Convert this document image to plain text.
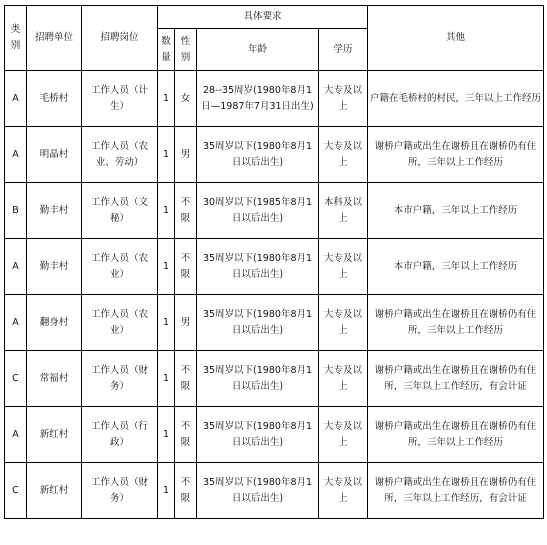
类别	招聘单位	招聘岗位	具体要求				其他
			数量	性别	年龄	学历	
A	毛桥村	工作人员（计生）	1	女	28--35周岁(1980年8月1日—1987年7月31日出生)	大专及以上	户籍在毛桥村的村民，三年以上工作经历
A	明晶村	工作人员（农业、劳动）	1	男	35周岁以下(1980年8月1日以后出生)	大专及以上	谢桥户籍或出生在谢桥且在谢桥仍有住所，三年以上工作经历
B	勤丰村	工作人员（文秘）	1	不限	30周岁以下(1985年8月1日以后出生)	本科及以上	本市户籍，三年以上工作经历
A	勤丰村	工作人员（农业）	1	不限	35周岁以下(1980年8月1日以后出生)	大专及以上	本市户籍，三年以上工作经历
A	翻身村	工作人员（农业）	1	男	35周岁以下(1980年8月1日以后出生)	大专及以上	谢桥户籍或出生在谢桥且在谢桥仍有住所，三年以上工作经历
C	常福村	工作人员（财务）	1	不限	35周岁以下(1980年8月1日以后出生)	大专及以上	谢桥户籍或出生在谢桥且在谢桥仍有住所，三年以上工作经历，有会计证
A	新红村	工作人员（行政）	1	不限	35周岁以下(1980年8月1日以后出生)	大专及以上	谢桥户籍或出生在谢桥且在谢桥仍有住所，三年以上工作经历
C	新红村	工作人员（财务）	1	不限	35周岁以下(1980年8月1日以后出生)	大专及以上	谢桥户籍或出生在谢桥且在谢桥仍有住所，三年以上工作经历，有会计证
